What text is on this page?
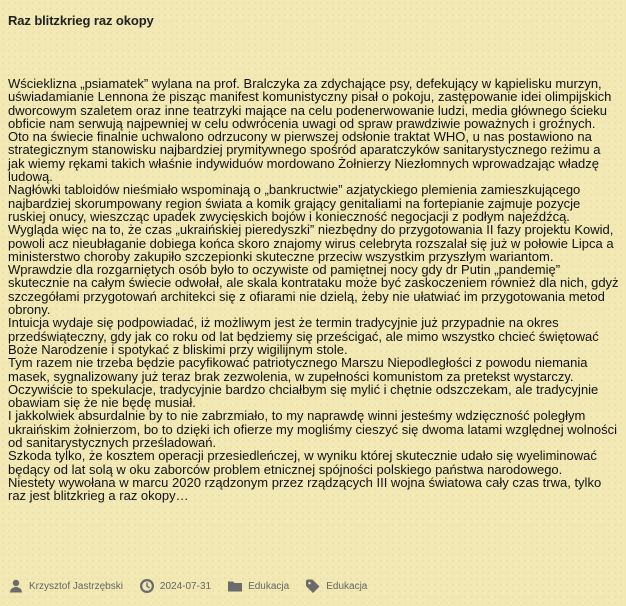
Raz blitzkrieg raz okopy

Wścieklizna „psiamatek” wylana na prof. Bralczyka za zdychające psy, defekujący w kąpielisku murzyn, uświadamianie Lennona że pisząc manifest komunistyczny pisał o pokoju, zastępowanie idei olimpijskich dworcowym szaletem oraz inne teatrzyki mające na celu podenerwowanie ludzi, media głównego ścieku obficie nam serwują najpewniej w celu odwrócenia uwagi od spraw prawdziwie poważnych i groźnych.

Oto na świecie finalnie uchwalono odrzucony w pierwszej odsłonie traktat WHO, u nas postawiono na strategicznym stanowisku najbardziej prymitywnego spośród aparatczyków sanitarystycznego reżimu a jak wiemy rękami takich właśnie indywiduów mordowano Żołnierzy Niezłomnych wprowadzając władzę ludową.

Nagłówki tabloidów nieśmiało wspominają o „bankructwie” azjatyckiego plemienia zamieszkującego najbardziej skorumpowany region świata a komik grający genitaliami na fortepianie zajmuje pozycje ruskiej onucy, wieszcząc upadek zwycięskich bojów i konieczność negocjacji z podłym najeźdźcą.

Wygląda więc na to, że czas „ukraińskiej pieredyszki” niezbędny do przygotowania II fazy projektu Kowid, powoli acz nieubłaganie dobiega końca skoro znajomy wirus celebryta rozszalał się już w połowie Lipca a ministerstwo choroby zakupiło szczepionki skuteczne przeciw wszystkim przyszłym wariantom.

Wprawdzie dla rozgarniętych osób było to oczywiste od pamiętnej nocy gdy dr Putin „pandemię” skutecznie na całym świecie odwołał, ale skala kontrataku może być zaskoczeniem również dla nich, gdyż szczegółami przygotowań architekci się z ofiarami nie dzielą, żeby nie ułatwiać im przygotowania metod obrony.

Intuicja wydaje się podpowiadać, iż możliwym jest że termin tradycyjnie już przypadnie na okres przedświąteczny, gdy jak co roku od lat będziemy się prześcigać, ale mimo wszystko chcieć świętować Boże Narodzenie i spotykać z bliskimi przy wigilijnym stole.

Tym razem nie trzeba będzie pacyfikować patriotycznego Marszu Niepodległości z powodu niemania masek, sygnalizowany już teraz brak zezwolenia, w zupełności komunistom za pretekst wystarczy.

Oczywiście to spekulacje, tradycyjnie bardzo chciałbym się mylić i chętnie odszczekam, ale tradycyjnie obawiam się że nie będę musiał.

I jakkolwiek absurdalnie by to nie zabrzmiało, to my naprawdę winni jesteśmy wdzięczność poległym ukraińskim żołnierzom, bo to dzięki ich ofierze my mogliśmy cieszyć się dwoma latami względnej wolności od sanitarystycznych prześladowań.

Szkoda tylko, że kosztem operacji przesiedleńczej, w wyniku której skutecznie udało się wyeliminować będący od lat solą w oku zaborców problem etnicznej spójności polskiego państwa narodowego.

Niestety wywołana w marcu 2020 rządzonym przez rządzących III wojna światowa cały czas trwa, tylko raz jest blitzkrieg a raz okopy…

Krzysztof Jastrzębski	2024-07-31	Edukacja	Edukacja
